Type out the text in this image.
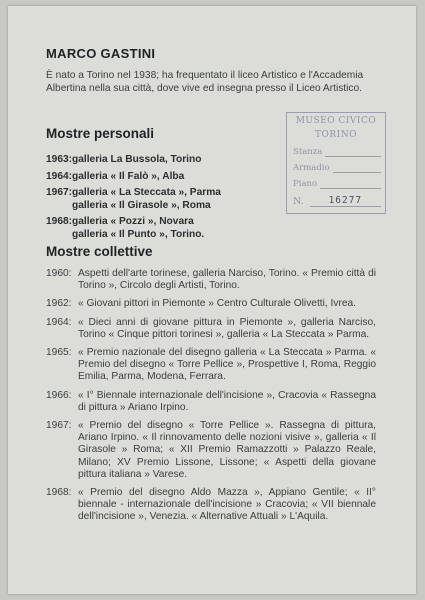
MARCO GASTINI

È nato a Torino nel 1938; ha frequentato il liceo Artistico e l'Accademia Albertina nella sua città, dove vive ed insegna presso il Liceo Artistico.

Mostre personali
1963: galleria La Bussola, Torino
1964: galleria « Il Falò », Alba
1967: galleria « La Steccata », Parma
galleria « Il Girasole », Roma
1968: galleria « Pozzi », Novara
galleria « Il Punto », Torino.
Mostre collettive
1960: Aspetti dell'arte torinese, galleria Narciso, Torino. « Premio città di Torino », Circolo degli Artisti, Torino.
1962: « Giovani pittori in Piemonte » Centro Culturale Olivetti, Ivrea.
1964: « Dieci anni di giovane pittura in Piemonte », galleria Narciso, Torino « Cinque pittori torinesi », galleria « La Steccata » Parma.
1965: « Premio nazionale del disegno galleria « La Steccata » Parma. « Premio del disegno « Torre Pellice », Prospettive I, Roma, Reggio Emilia, Parma, Modena, Ferrara.
1966: « I° Biennale internazionale dell'incisione », Cracovia « Rassegna di pittura » Ariano Irpino.
1967: « Premio del disegno « Torre Pellice ». Rassegna di pittura, Ariano Irpino. « Il rinnovamento delle nozioni visive », galleria « Il Girasole » Roma; « XII Premio Ramazzotti » Palazzo Reale, Milano; XV Premio Lissone, Lissone; « Aspetti della giovane pittura italiana » Varese.
1968: « Premio del disegno Aldo Mazza », Appiano Gentile; « II° biennale - internazionale dell'incisione » Cracovia; « VII biennale dell'incisione », Venezia. « Alternative Attuali » L'Aquila.
MUSEO CIVICO
TORINO
Stanza
Armadio
Piano
N.	16277
